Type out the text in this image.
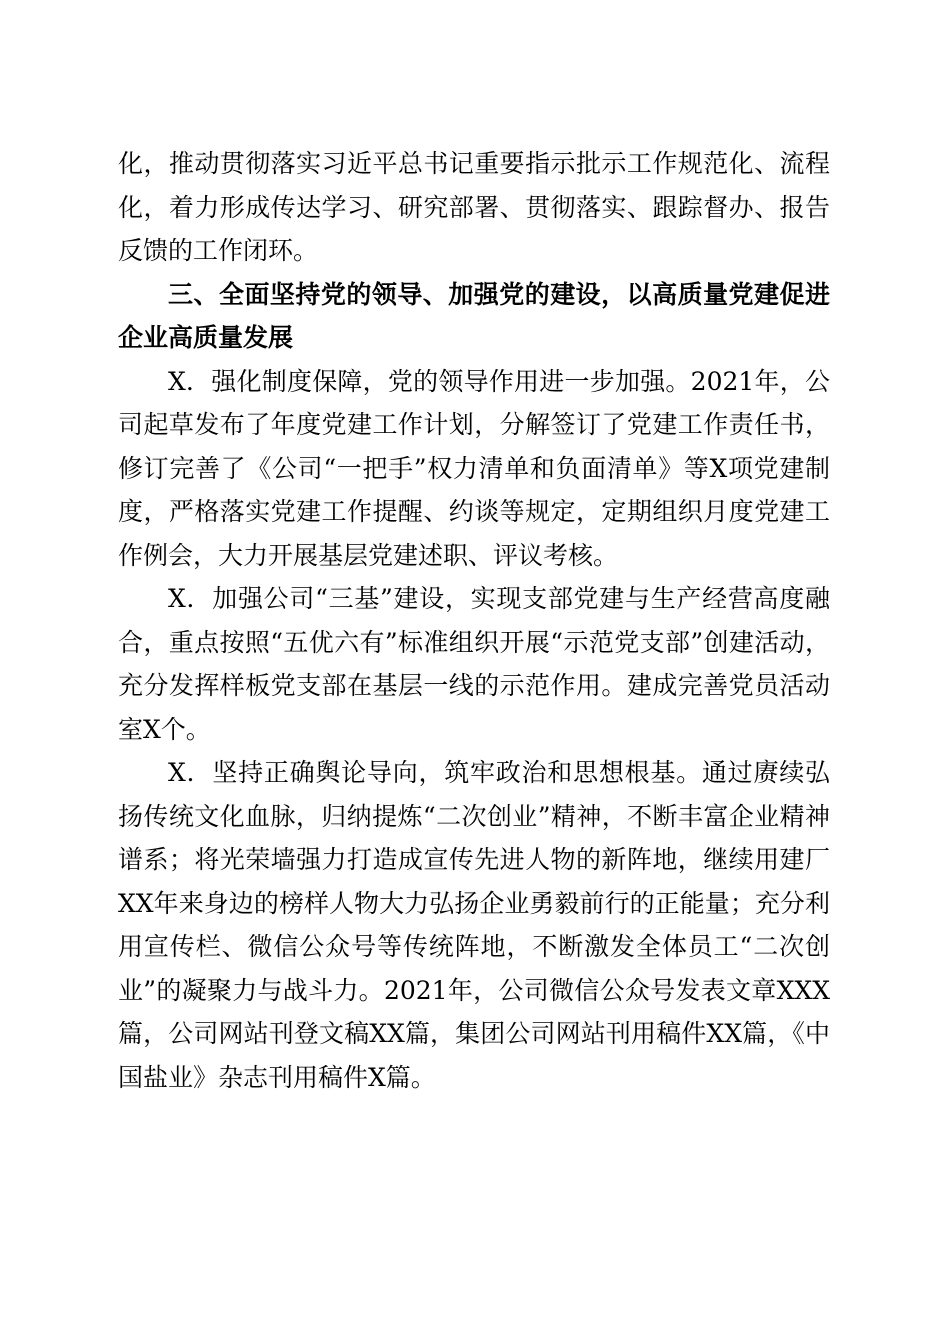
化，推动贯彻落实习近平总书记重要指示批示工作规范化、流程化，着力形成传达学习、研究部署、贯彻落实、跟踪督办、报告反馈的工作闭环。

三、全面坚持党的领导、加强党的建设，以高质量党建促进企业高质量发展

X．强化制度保障，党的领导作用进一步加强。2021年，公司起草发布了年度党建工作计划，分解签订了党建工作责任书，修订完善了《公司“一把手”权力清单和负面清单》等X项党建制度，严格落实党建工作提醒、约谈等规定，定期组织月度党建工作例会，大力开展基层党建述职、评议考核。

X．加强公司“三基”建设，实现支部党建与生产经营高度融合，重点按照“五优六有”标准组织开展“示范党支部”创建活动，充分发挥样板党支部在基层一线的示范作用。建成完善党员活动室X个。

X．坚持正确舆论导向，筑牢政治和思想根基。通过赓续弘扬传统文化血脉，归纳提炼“二次创业”精神，不断丰富企业精神谱系；将光荣墙强力打造成宣传先进人物的新阵地，继续用建厂XX年来身边的榜样人物大力弘扬企业勇毅前行的正能量；充分利用宣传栏、微信公众号等传统阵地，不断激发全体员工“二次创业”的凝聚力与战斗力。2021年，公司微信公众号发表文章XXX篇，公司网站刊登文稿XX篇，集团公司网站刊用稿件XX篇，《中国盐业》杂志刊用稿件X篇。
